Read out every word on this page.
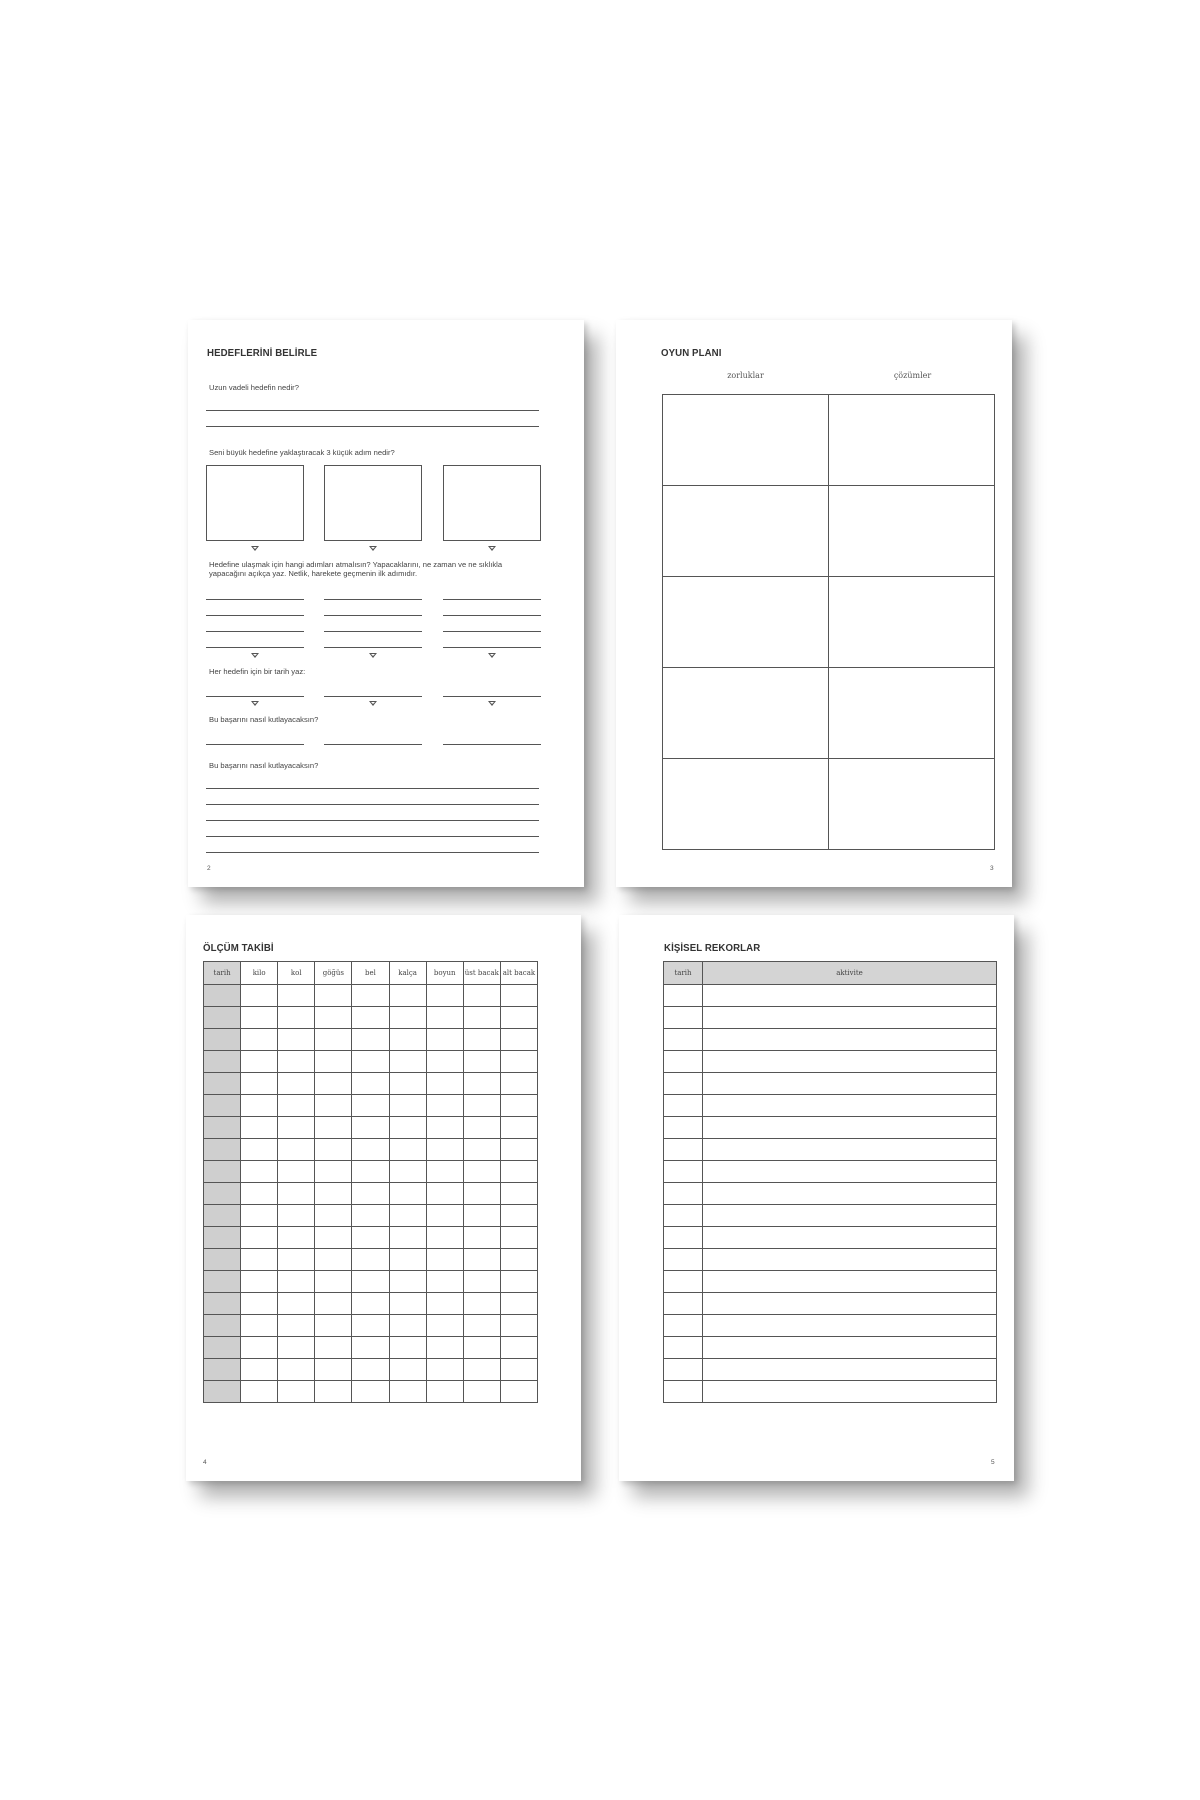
HEDEFLERİNİ BELİRLE
Uzun vadeli hedefin nedir?
Seni büyük hedefine yaklaştıracak 3 küçük adım nedir?
Hedefine ulaşmak için hangi adımları atmalısın? Yapacaklarını, ne zaman ve ne sıklıkla yapacağını açıkça yaz. Netlik, harekete geçmenin ilk adımıdır.
Her hedefin için bir tarih yaz:
Bu başarını nasıl kutlayacaksın?
Bu başarını nasıl kutlayacaksın?
2
OYUN PLANI
zorluklar	çözümler
3
ÖLÇÜM TAKİBİ
tarih	kilo	kol	göğüs	bel	kalça	boyun	üst bacak	alt bacak

4
KİŞİSEL REKORLAR
tarih	aktivite

5
